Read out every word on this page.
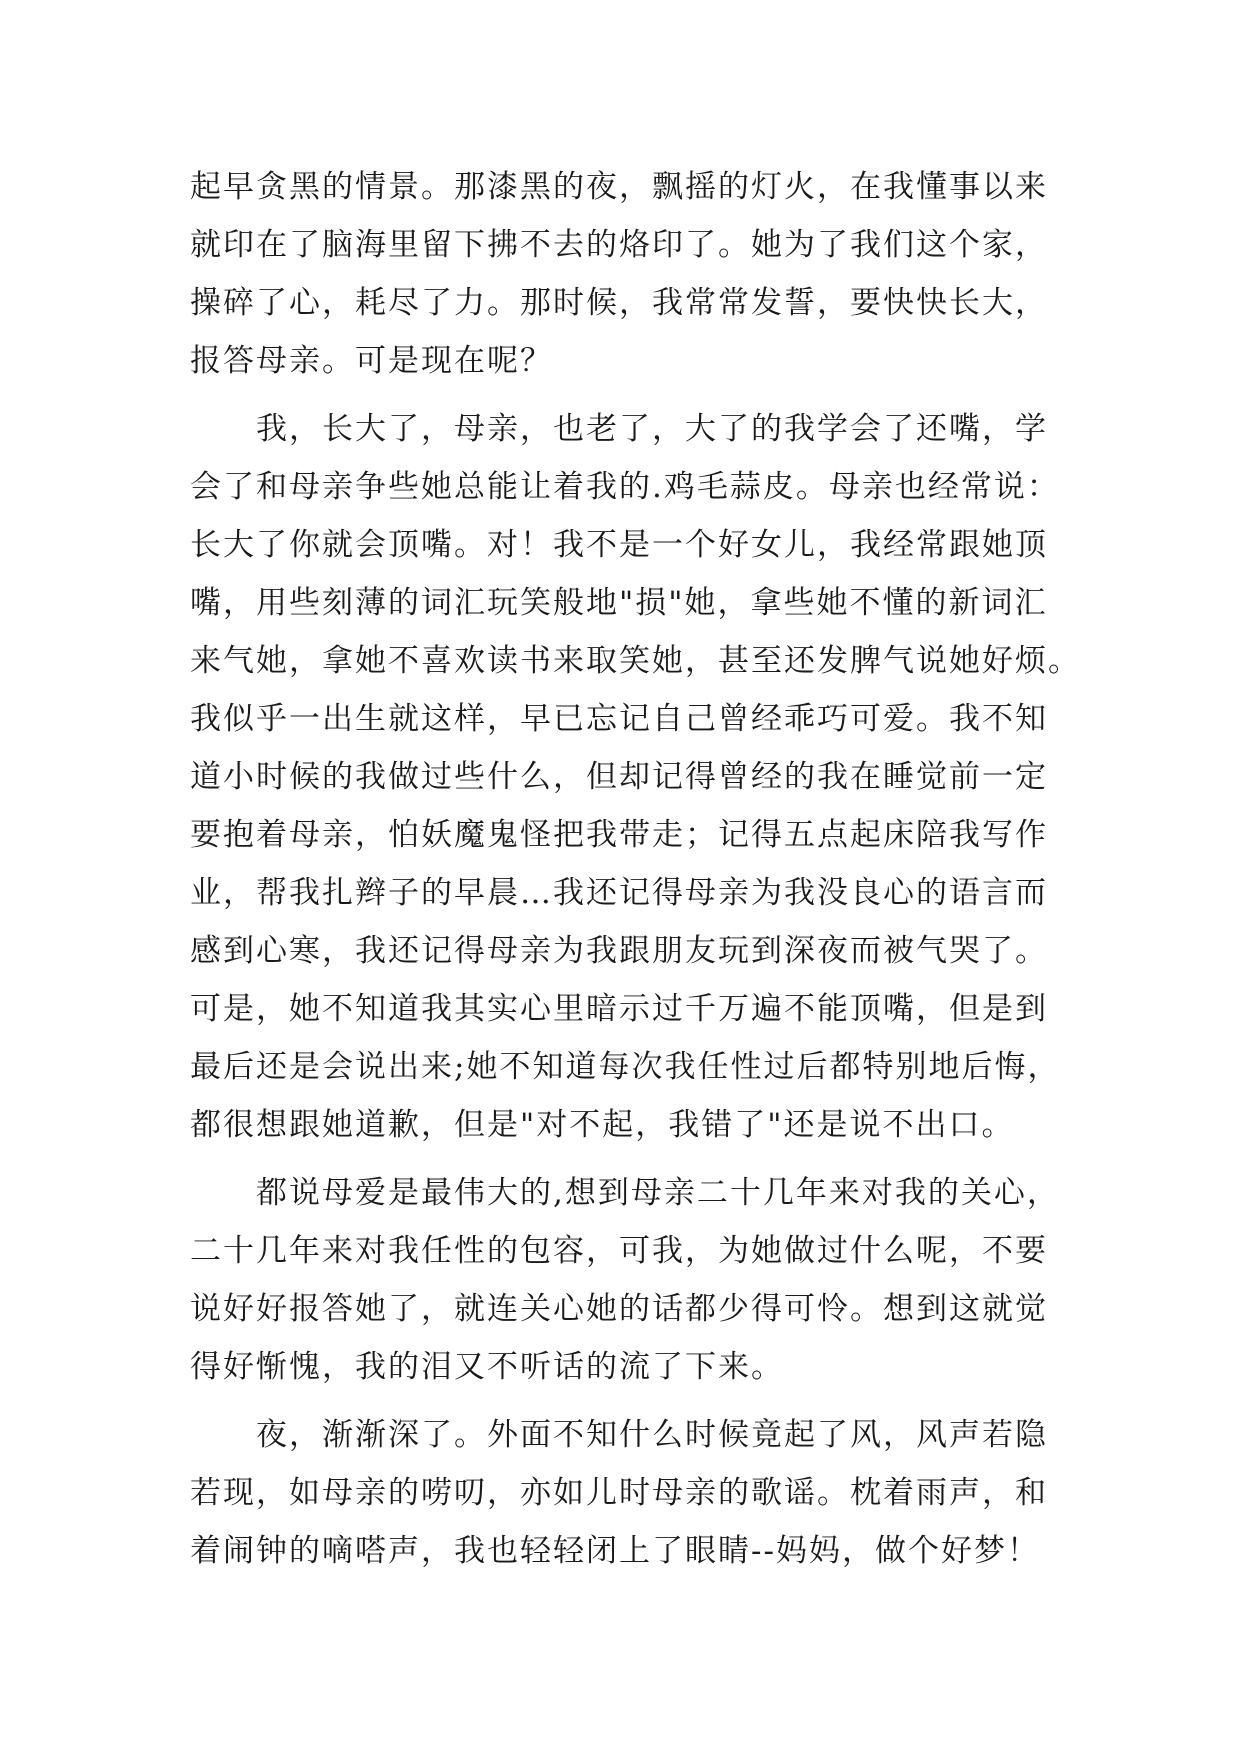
起早贪黑的情景。那漆黑的夜，飘摇的灯火，在我懂事以来
就印在了脑海里留下拂不去的烙印了。她为了我们这个家，
操碎了心，耗尽了力。那时候，我常常发誓，要快快长大，
报答母亲。可是现在呢？
　　我，长大了，母亲，也老了，大了的我学会了还嘴，学
会了和母亲争些她总能让着我的.鸡毛蒜皮。母亲也经常说：
长大了你就会顶嘴。对！我不是一个好女儿，我经常跟她顶
嘴，用些刻薄的词汇玩笑般地"损"她，拿些她不懂的新词汇
来气她，拿她不喜欢读书来取笑她，甚至还发脾气说她好烦。
我似乎一出生就这样，早已忘记自己曾经乖巧可爱。我不知
道小时候的我做过些什么，但却记得曾经的我在睡觉前一定
要抱着母亲，怕妖魔鬼怪把我带走；记得五点起床陪我写作
业，帮我扎辫子的早晨…我还记得母亲为我没良心的语言而
感到心寒，我还记得母亲为我跟朋友玩到深夜而被气哭了。
可是，她不知道我其实心里暗示过千万遍不能顶嘴，但是到
最后还是会说出来;她不知道每次我任性过后都特别地后悔，
都很想跟她道歉，但是"对不起，我错了"还是说不出口。
　　都说母爱是最伟大的,想到母亲二十几年来对我的关心，
二十几年来对我任性的包容，可我，为她做过什么呢，不要
说好好报答她了，就连关心她的话都少得可怜。想到这就觉
得好惭愧，我的泪又不听话的流了下来。
　　夜，渐渐深了。外面不知什么时候竟起了风，风声若隐
若现，如母亲的唠叨，亦如儿时母亲的歌谣。枕着雨声，和
着闹钟的嘀嗒声，我也轻轻闭上了眼睛--妈妈，做个好梦！
